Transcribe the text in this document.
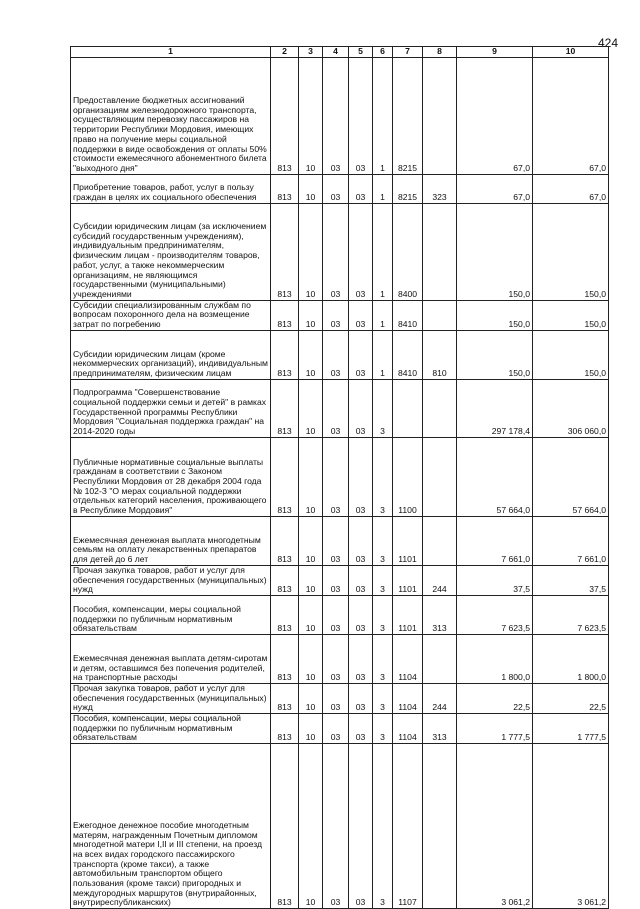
424
1	2	3	4	5	6	7	8	9	10
Предоставление бюджетных ассигнований организациям железнодорожного транспорта, осуществляющим перевозку пассажиров на территории Республики Мордовия, имеющих право на получение меры социальной поддержки в виде освобождения от оплаты 50% стоимости ежемесячного абонементного билета "выходного дня"	813	10	03	03	1	8215		67,0	67,0
Приобретение товаров, работ, услуг в пользу граждан в целях их социального обеспечения	813	10	03	03	1	8215	323	67,0	67,0
Субсидии юридическим лицам (за исключением субсидий государственным учреждениям), индивидуальным предпринимателям, физическим лицам - производителям товаров, работ, услуг, а также некоммерческим организациям, не являющимся государственными (муниципальными) учреждениями	813	10	03	03	1	8400		150,0	150,0
Субсидии специализированным службам по вопросам похоронного дела на возмещение затрат по погребению	813	10	03	03	1	8410		150,0	150,0
Субсидии юридическим лицам (кроме некоммерческих организаций), индивидуальным предпринимателям, физическим лицам	813	10	03	03	1	8410	810	150,0	150,0
Подпрограмма "Совершенствование социальной поддержки семьи и детей" в рамках Государственной программы Республики Мордовия "Социальная поддержка граждан" на 2014-2020 годы	813	10	03	03	3			297 178,4	306 060,0
Публичные нормативные социальные выплаты гражданам в соответствии с Законом Республики Мордовия от 28 декабря 2004 года № 102-З "О мерах социальной поддержки отдельных категорий населения, проживающего в Республике Мордовия"	813	10	03	03	3	1100		57 664,0	57 664,0
Ежемесячная денежная выплата многодетным семьям на оплату лекарственных препаратов для детей до 6 лет	813	10	03	03	3	1101		7 661,0	7 661,0
Прочая закупка товаров, работ и услуг для обеспечения государственных (муниципальных) нужд	813	10	03	03	3	1101	244	37,5	37,5
Пособия, компенсации, меры социальной поддержки по публичным нормативным обязательствам	813	10	03	03	3	1101	313	7 623,5	7 623,5
Ежемесячная денежная выплата детям-сиротам и детям, оставшимся без попечения родителей, на транспортные расходы	813	10	03	03	3	1104		1 800,0	1 800,0
Прочая закупка товаров, работ и услуг для обеспечения государственных (муниципальных) нужд	813	10	03	03	3	1104	244	22,5	22,5
Пособия, компенсации, меры социальной поддержки по публичным нормативным обязательствам	813	10	03	03	3	1104	313	1 777,5	1 777,5
Ежегодное денежное пособие многодетным матерям, награжденным Почетным дипломом многодетной матери I,II и III степени, на проезд на всех видах городского пассажирского транспорта (кроме такси), а также автомобильным транспортом общего пользования (кроме такси) пригородных и междугородных маршрутов (внутрирайонных, внутриреспубликанских)	813	10	03	03	3	1107		3 061,2	3 061,2
